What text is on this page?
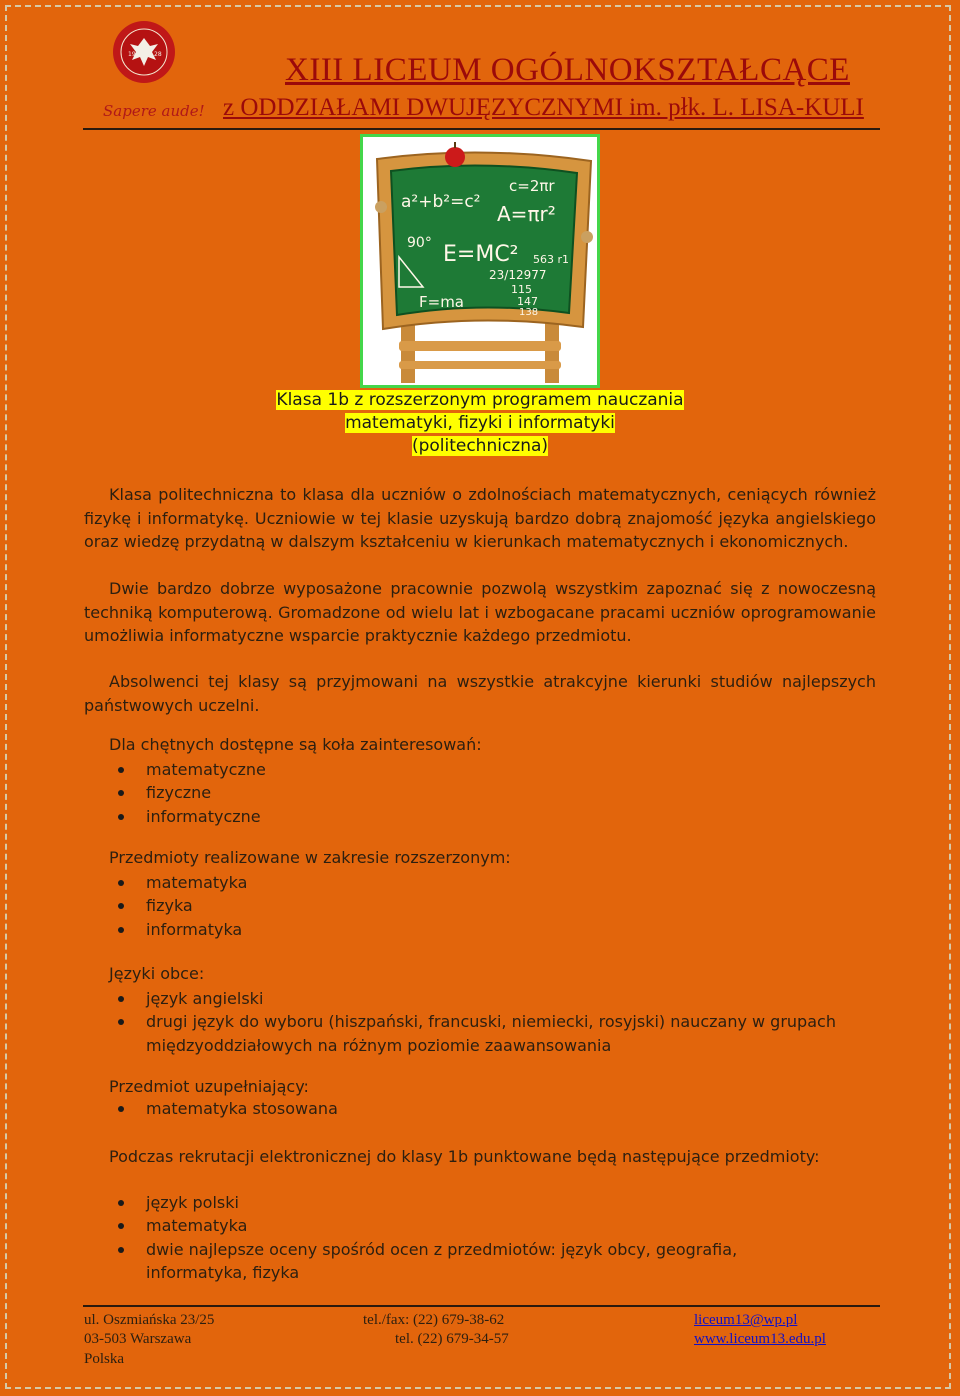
19	28
Sapere aude!
XIII LICEUM OGÓLNOKSZTAŁCĄCE
z ODDZIAŁAMI DWUJĘZYCZNYMI im. płk. L. LISA-KULI
a²+b²=c²
c=2πr
A=πr²
90° E=MC²
F=ma
563 r1
23/12977
115
147
138
Klasa 1b z rozszerzonym programem nauczania
matematyki, fizyki i informatyki
(politechniczna)
Klasa politechniczna to klasa dla uczniów o zdolnościach matematycznych, ceniących również fizykę i informatykę. Uczniowie w tej klasie uzyskują bardzo dobrą znajomość języka angielskiego oraz wiedzę przydatną w dalszym kształceniu w kierunkach matematycznych i ekonomicznych.
Dwie bardzo dobrze wyposażone pracownie pozwolą wszystkim zapoznać się z nowoczesną techniką komputerową. Gromadzone od wielu lat i wzbogacane pracami uczniów oprogramowanie umożliwia informatyczne wsparcie praktycznie każdego przedmiotu.
Absolwenci tej klasy są przyjmowani na wszystkie atrakcyjne kierunki studiów najlepszych państwowych uczelni.
Dla chętnych dostępne są koła zainteresowań:
matematyczne
fizyczne
informatyczne
Przedmioty realizowane w zakresie rozszerzonym:
matematyka
fizyka
informatyka
Języki obce:
język angielski
drugi język do wyboru (hiszpański, francuski, niemiecki, rosyjski) nauczany w grupach międzyoddziałowych na różnym poziomie zaawansowania
Przedmiot uzupełniający:
matematyka stosowana
Podczas rekrutacji elektronicznej do klasy 1b punktowane będą następujące przedmioty:
język polski
matematyka
dwie najlepsze oceny spośród ocen z przedmiotów: język obcy, geografia, informatyka, fizyka
ul. Oszmiańska 23/25
03-503 Warszawa
Polska
tel./fax: (22) 679-38-62
tel. (22) 679-34-57
liceum13@wp.pl
www.liceum13.edu.pl
